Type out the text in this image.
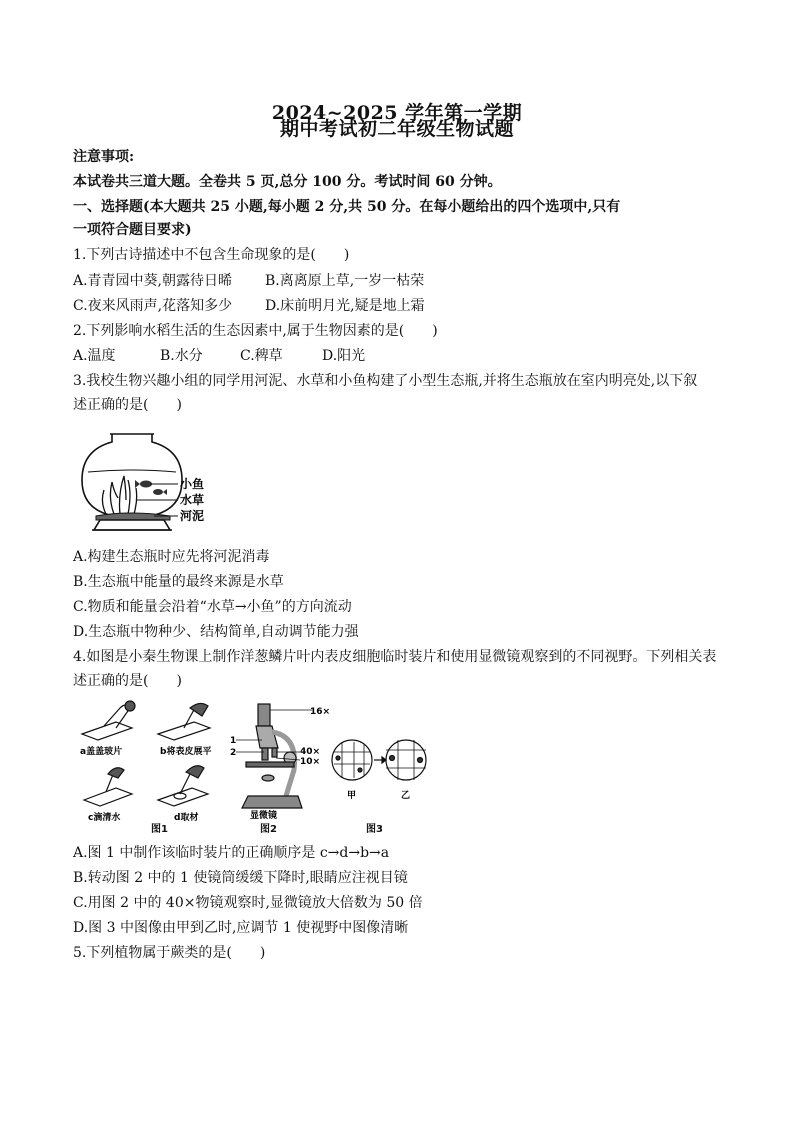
2024~2025 学年第一学期
期中考试初二年级生物试题
注意事项:
本试卷共三道大题。全卷共 5 页,总分 100 分。考试时间 60 分钟。
一、选择题(本大题共 25 小题,每小题 2 分,共 50 分。在每小题给出的四个选项中,只有
一项符合题目要求)
1.下列古诗描述中不包含生命现象的是(　　)
A.青青园中葵,朝露待日晞 B.离离原上草,一岁一枯荣
C.夜来风雨声,花落知多少 D.床前明月光,疑是地上霜
2.下列影响水稻生活的生态因素中,属于生物因素的是(　　)
A.温度	B.水分	C.稗草	D.阳光
3.我校生物兴趣小组的同学用河泥、水草和小鱼构建了小型生态瓶,并将生态瓶放在室内明亮处,以下叙
述正确的是(　　)
小鱼
水草
河泥
A.构建生态瓶时应先将河泥消毒
B.生态瓶中能量的最终来源是水草
C.物质和能量会沿着“水草→小鱼”的方向流动
D.生态瓶中物种少、结构简单,自动调节能力强
4.如图是小秦生物课上制作洋葱鳞片叶内表皮细胞临时装片和使用显微镜观察到的不同视野。下列相关表
述正确的是(　　)
a盖盖玻片	b将表皮展平
c滴清水	d取材
图1
16×
1
2	40×
10×
显微镜
图2
甲	乙
图3
A.图 1 中制作该临时装片的正确顺序是 c→d→b→a
B.转动图 2 中的 1 使镜筒缓缓下降时,眼睛应注视目镜
C.用图 2 中的 40×物镜观察时,显微镜放大倍数为 50 倍
D.图 3 中图像由甲到乙时,应调节 1 使视野中图像清晰
5.下列植物属于蕨类的是(　　)
